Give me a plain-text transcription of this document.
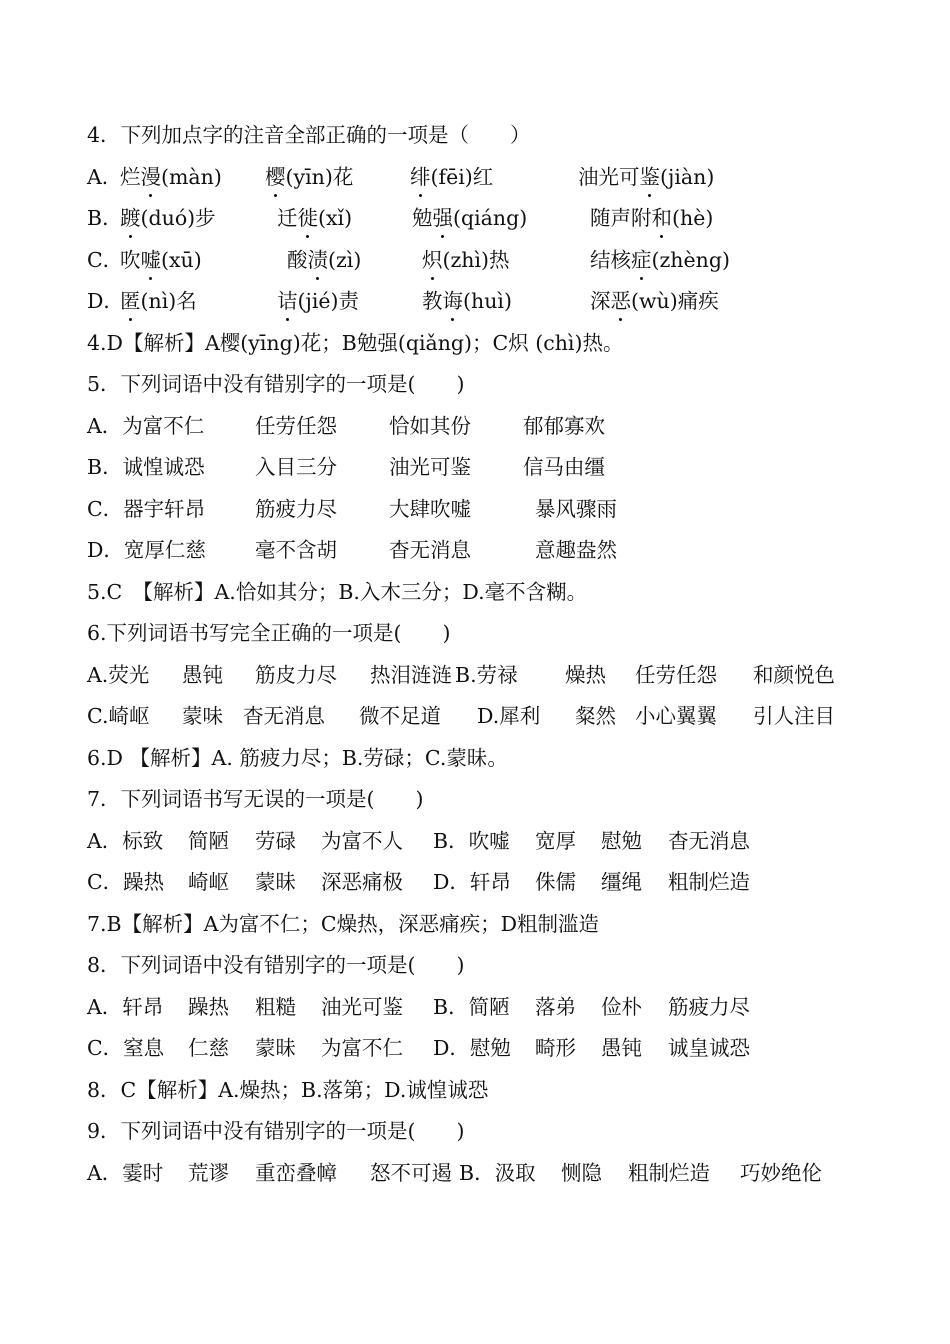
4．下列加点字的注音全部正确的一项是（　　）
A．
烂漫(màn) 樱(yīn)花	绯(fēi)红	油光可鉴(jiàn)
B．
踱(duó)步	迁徙(xǐ)	勉强(qiáng)	随声附和(hè)
C．
吹嘘(xū)	酸渍(zì)	炽(zhì)热	结核症(zhèng)
D．
匿(nì)名	诘(jié)责	教诲(huì)	深恶(wù)痛疾
4.D【解析】A樱(yīng)花；B勉强(qiǎng)；C炽 (chì)热。
5．下列词语中没有错别字的一项是(　　)
A．为富不仁 任劳任怨	恰如其份	郁郁寡欢
B．诚惶诚恐 入目三分	油光可鉴	信马由缰
C．器宇轩昂 筋疲力尽	大肆吹嘘	暴风骤雨
D．宽厚仁慈 毫不含胡	杳无消息	意趣盎然
5.C　【解析】A.恰如其分；B.入木三分；D.毫不含糊。
6.下列词语书写完全正确的一项是(　　)
A.荧光 愚钝 筋皮力尽 热泪涟涟 B.劳禄 燥热 任劳任怨 和颜悦色
C.崎岖 蒙味 杳无消息 微不足道 D.犀利 粲然 小心翼翼 引人注目
6.D 【解析】A. 筋疲力尽；B.劳碌；C.蒙昧。
7．下列词语书写无误的一项是(　　)
A．标致 简陋 劳碌 为富不人 B．吹嘘 宽厚 慰勉 杳无消息
C．躁热 崎岖 蒙昧 深恶痛极 D．轩昂 侏儒 缰绳 粗制烂造
7.B【解析】A为富不仁；C燥热，深恶痛疾；D粗制滥造
8．下列词语中没有错别字的一项是(　　)
A．轩昂 躁热 粗糙 油光可鉴 B．简陋 落弟 俭朴 筋疲力尽
C．窒息 仁慈 蒙昧 为富不仁 D．慰勉 畸形 愚钝 诚皇诚恐
8．C【解析】A.燥热；B.落第；D.诚惶诚恐
9．下列词语中没有错别字的一项是(　　)
A．霎时 荒谬 重峦叠幛 怒不可遏 B．汲取 恻隐 粗制烂造 巧妙绝伦
